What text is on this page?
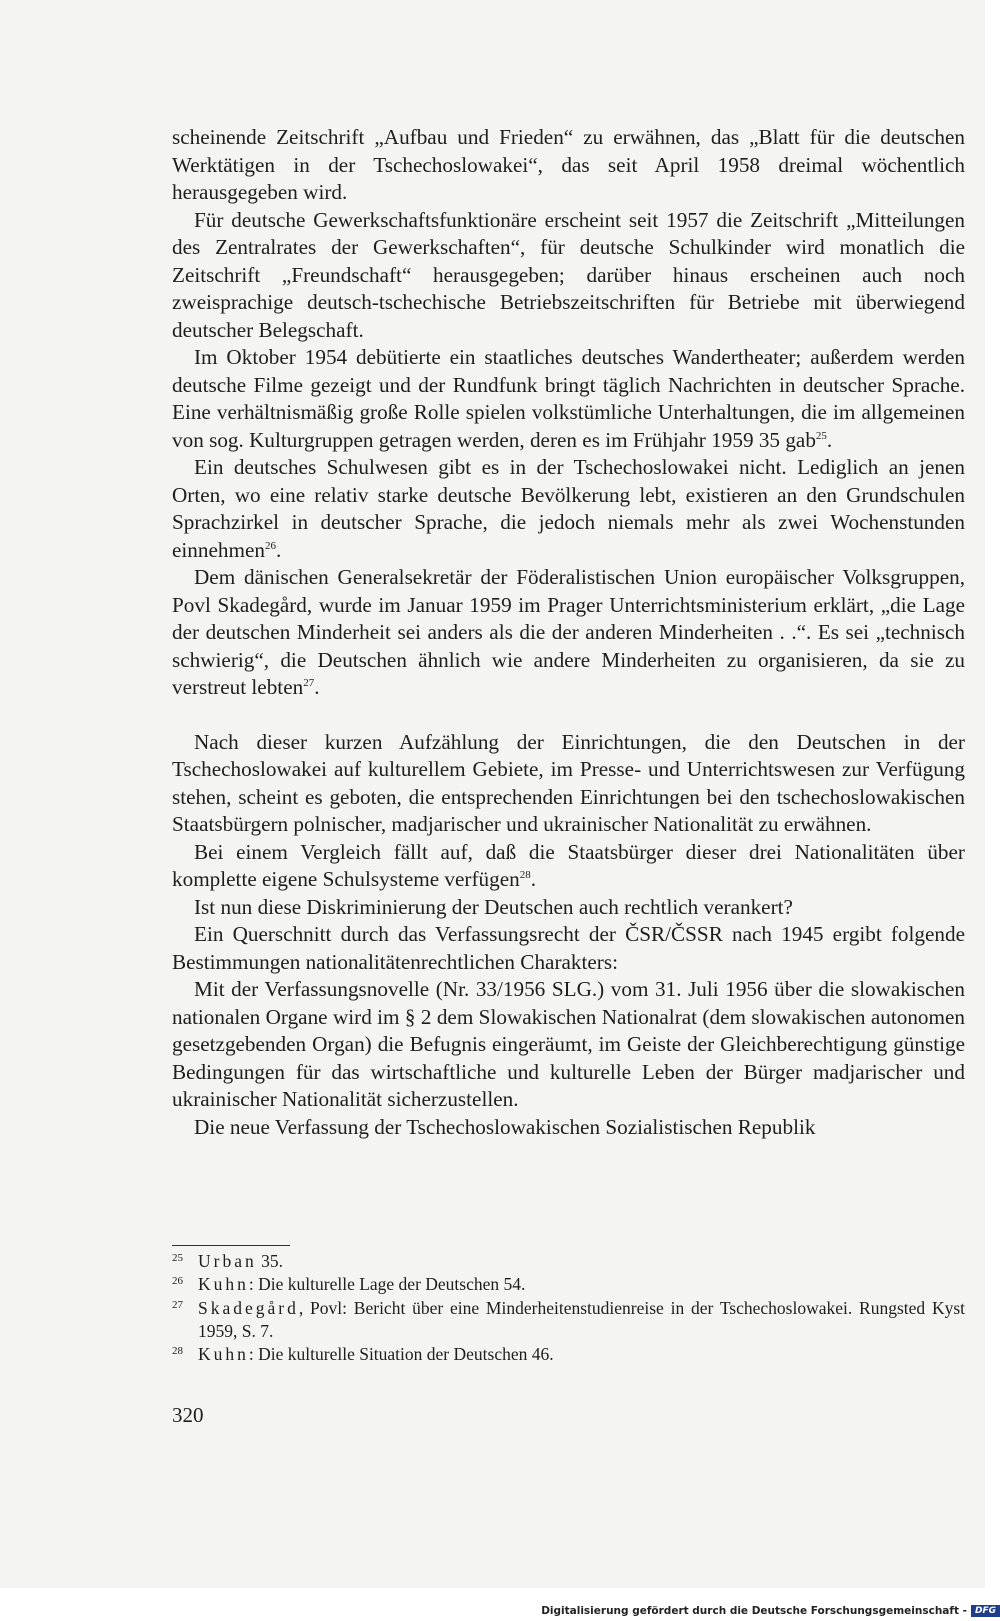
scheinende Zeitschrift „Aufbau und Frieden“ zu erwähnen, das „Blatt für die deutschen Werktätigen in der Tschechoslowakei“, das seit April 1958 dreimal wöchentlich herausgegeben wird.

Für deutsche Gewerkschaftsfunktionäre erscheint seit 1957 die Zeitschrift „Mitteilungen des Zentralrates der Gewerkschaften“, für deutsche Schulkinder wird monatlich die Zeitschrift „Freundschaft“ herausgegeben; darüber hinaus erscheinen auch noch zweisprachige deutsch-tschechische Betriebszeitschriften für Betriebe mit überwiegend deutscher Belegschaft.

Im Oktober 1954 debütierte ein staatliches deutsches Wandertheater; außerdem werden deutsche Filme gezeigt und der Rundfunk bringt täglich Nachrichten in deutscher Sprache. Eine verhältnismäßig große Rolle spielen volkstümliche Unterhaltungen, die im allgemeinen von sog. Kulturgruppen getragen werden, deren es im Frühjahr 1959 35 gab$^{25}$.

Ein deutsches Schulwesen gibt es in der Tschechoslowakei nicht. Lediglich an jenen Orten, wo eine relativ starke deutsche Bevölkerung lebt, existieren an den Grundschulen Sprachzirkel in deutscher Sprache, die jedoch niemals mehr als zwei Wochenstunden einnehmen$^{26}$.

Dem dänischen Generalsekretär der Föderalistischen Union europäischer Volksgruppen, Povl Skadegård, wurde im Januar 1959 im Prager Unterrichtsministerium erklärt, „die Lage der deutschen Minderheit sei anders als die der anderen Minderheiten . .“. Es sei „technisch schwierig“, die Deutschen ähnlich wie andere Minderheiten zu organisieren, da sie zu verstreut lebten$^{27}$.

Nach dieser kurzen Aufzählung der Einrichtungen, die den Deutschen in der Tschechoslowakei auf kulturellem Gebiete, im Presse- und Unterrichtswesen zur Verfügung stehen, scheint es geboten, die entsprechenden Einrichtungen bei den tschechoslowakischen Staatsbürgern polnischer, madjarischer und ukrainischer Nationalität zu erwähnen.

Bei einem Vergleich fällt auf, daß die Staatsbürger dieser drei Nationalitäten über komplette eigene Schulsysteme verfügen$^{28}$.

Ist nun diese Diskriminierung der Deutschen auch rechtlich verankert?

Ein Querschnitt durch das Verfassungsrecht der ČSR/ČSSR nach 1945 ergibt folgende Bestimmungen nationalitätenrechtlichen Charakters:

Mit der Verfassungsnovelle (Nr. 33/1956 SLG.) vom 31. Juli 1956 über die slowakischen nationalen Organe wird im § 2 dem Slowakischen Nationalrat (dem slowakischen autonomen gesetzgebenden Organ) die Befugnis eingeräumt, im Geiste der Gleichberechtigung günstige Bedingungen für das wirtschaftliche und kulturelle Leben der Bürger madjarischer und ukrainischer Nationalität sicherzustellen.

Die neue Verfassung der Tschechoslowakischen Sozialistischen Republik

25 Urban 35.
26 Kuhn: Die kulturelle Lage der Deutschen 54.
27 Skadegård, Povl: Bericht über eine Minderheitenstudienreise in der Tschechoslowakei. Rungsted Kyst 1959, S. 7.
28 Kuhn: Die kulturelle Situation der Deutschen 46.
320
Digitalisierung gefördert durch die Deutsche Forschungsgemeinschaft - DFG
